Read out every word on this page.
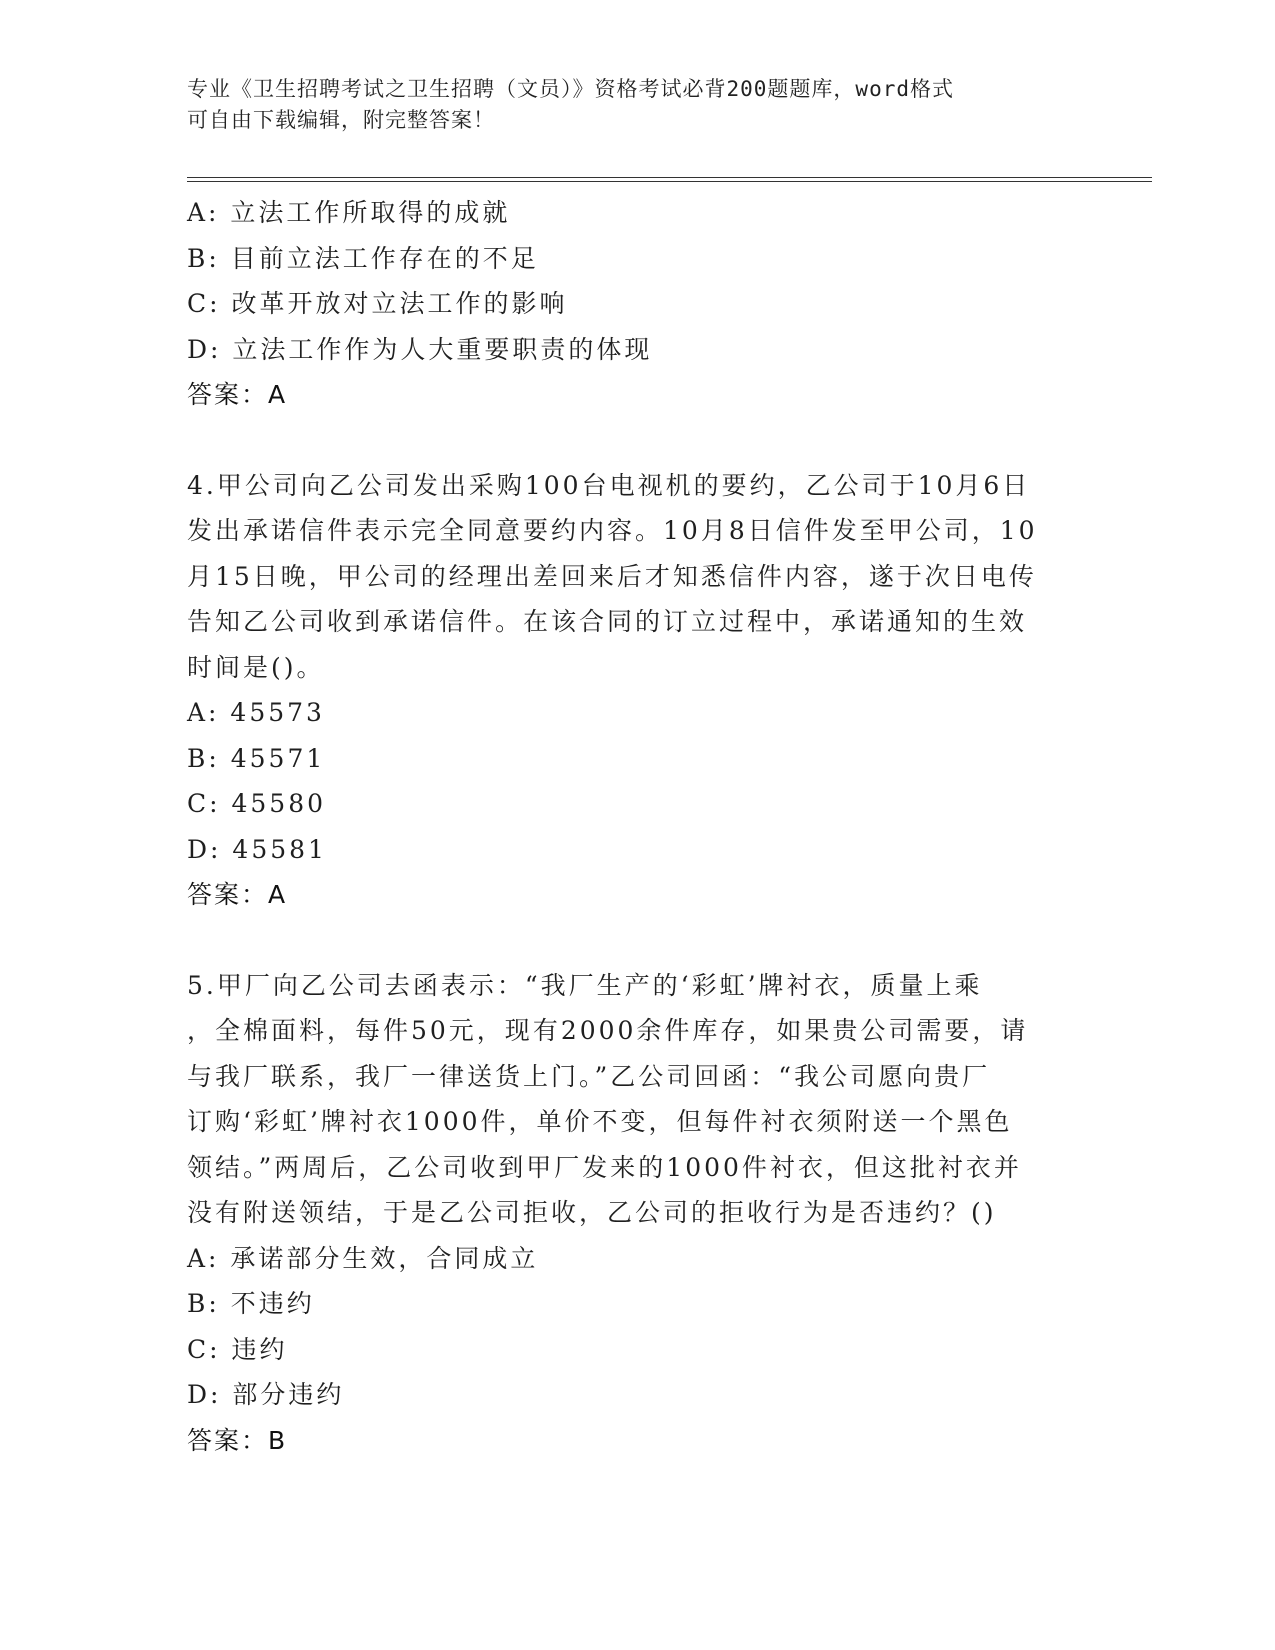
专业《卫生招聘考试之卫生招聘（文员）》资格考试必背200题题库，word格式
可自由下载编辑，附完整答案！
A: 立法工作所取得的成就
B: 目前立法工作存在的不足
C: 改革开放对立法工作的影响
D: 立法工作作为人大重要职责的体现
答案：A
4.甲公司向乙公司发出采购100台电视机的要约，乙公司于10月6日
发出承诺信件表示完全同意要约内容。10月8日信件发至甲公司，10
月15日晚，甲公司的经理出差回来后才知悉信件内容，遂于次日电传
告知乙公司收到承诺信件。在该合同的订立过程中，承诺通知的生效
时间是()。
A: 45573
B: 45571
C: 45580
D: 45581
答案：A
5.甲厂向乙公司去函表示：“我厂生产的‘彩虹’牌衬衣，质量上乘
，全棉面料，每件50元，现有2000余件库存，如果贵公司需要，请
与我厂联系，我厂一律送货上门。”乙公司回函：“我公司愿向贵厂
订购‘彩虹’牌衬衣1000件，单价不变，但每件衬衣须附送一个黑色
领结。”两周后，乙公司收到甲厂发来的1000件衬衣，但这批衬衣并
没有附送领结，于是乙公司拒收，乙公司的拒收行为是否违约？()
A: 承诺部分生效，合同成立
B: 不违约
C: 违约
D: 部分违约
答案：B
